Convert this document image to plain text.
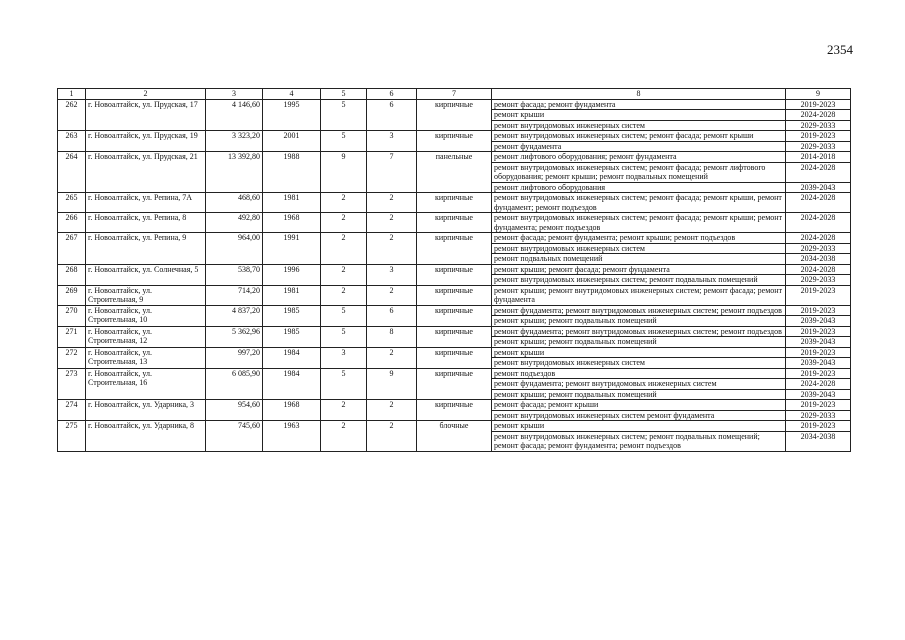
2354
1	2	3	4	5	6	7	8	9
262	г. Новоалтайск, ул. Прудская, 17	4 146,60	1995	5	6	кирпичные	ремонт фасада; ремонт фундамента	2019-2023
							ремонт крыши	2024-2028
							ремонт внутридомовых инженерных систем	2029-2033
263	г. Новоалтайск, ул. Прудская, 19	3 323,20	2001	5	3	кирпичные	ремонт внутридомовых инженерных систем; ремонт фасада; ремонт крыши	2019-2023
							ремонт фундамента	2029-2033
264	г. Новоалтайск, ул. Прудская, 21	13 392,80	1988	9	7	панельные	ремонт лифтового оборудования; ремонт фундамента	2014-2018
							ремонт внутридомовых инженерных систем; ремонт фасада; ремонт лифтового оборудования; ремонт крыши; ремонт подвальных помещений	2024-2028
							ремонт лифтового оборудования	2039-2043
265	г. Новоалтайск, ул. Репина, 7А	468,60	1981	2	2	кирпичные	ремонт внутридомовых инженерных систем; ремонт фасада; ремонт крыши, ремонт фундамент; ремонт подъездов	2024-2028
266	г. Новоалтайск, ул. Репина, 8	492,80	1968	2	2	кирпичные	ремонт внутридомовых инженерных систем; ремонт фасада; ремонт крыши; ремонт фундамента; ремонт подъездов	2024-2028
267	г. Новоалтайск, ул. Репина, 9	964,00	1991	2	2	кирпичные	ремонт фасада; ремонт фундамента; ремонт крыши; ремонт подъездов	2024-2028
							ремонт внутридомовых инженерных систем	2029-2033
							ремонт подвальных помещений	2034-2038
268	г. Новоалтайск, ул. Солнечная, 5	538,70	1996	2	3	кирпичные	ремонт крыши; ремонт фасада; ремонт фундамента	2024-2028
							ремонт внутридомовых инженерных систем; ремонт подвальных помещений	2029-2033
269	г. Новоалтайск, ул. Строительная, 9	714,20	1981	2	2	кирпичные	ремонт крыши; ремонт внутридомовых инженерных систем; ремонт фасада; ремонт фундамента	2019-2023
270	г. Новоалтайск, ул. Строительная, 10	4 837,20	1985	5	6	кирпичные	ремонт фундамента; ремонт внутридомовых инженерных систем; ремонт подъездов	2019-2023
							ремонт крыши; ремонт подвальных помещений	2039-2043
271	г. Новоалтайск, ул. Строительная, 12	5 362,96	1985	5	8	кирпичные	ремонт фундамента; ремонт внутридомовых инженерных систем; ремонт подъездов	2019-2023
							ремонт крыши; ремонт подвальных помещений	2039-2043
272	г. Новоалтайск, ул. Строительная, 13	997,20	1984	3	2	кирпичные	ремонт крыши	2019-2023
							ремонт внутридомовых инженерных систем	2039-2043
273	г. Новоалтайск, ул. Строительная, 16	6 085,90	1984	5	9	кирпичные	ремонт подъездов	2019-2023
							ремонт фундамента; ремонт внутридомовых инженерных систем	2024-2028
							ремонт крыши; ремонт подвальных помещений	2039-2043
274	г. Новоалтайск, ул. Ударника, 3	954,60	1968	2	2	кирпичные	ремонт фасада; ремонт крыши	2019-2023
							ремонт внутридомовых инженерных систем ремонт фундамента	2029-2033
275	г. Новоалтайск, ул. Ударника, 8	745,60	1963	2	2	блочные	ремонт крыши	2019-2023
							ремонт внутридомовых инженерных систем; ремонт подвальных помещений; ремонт фасада; ремонт фундамента; ремонт подъездов	2034-2038
